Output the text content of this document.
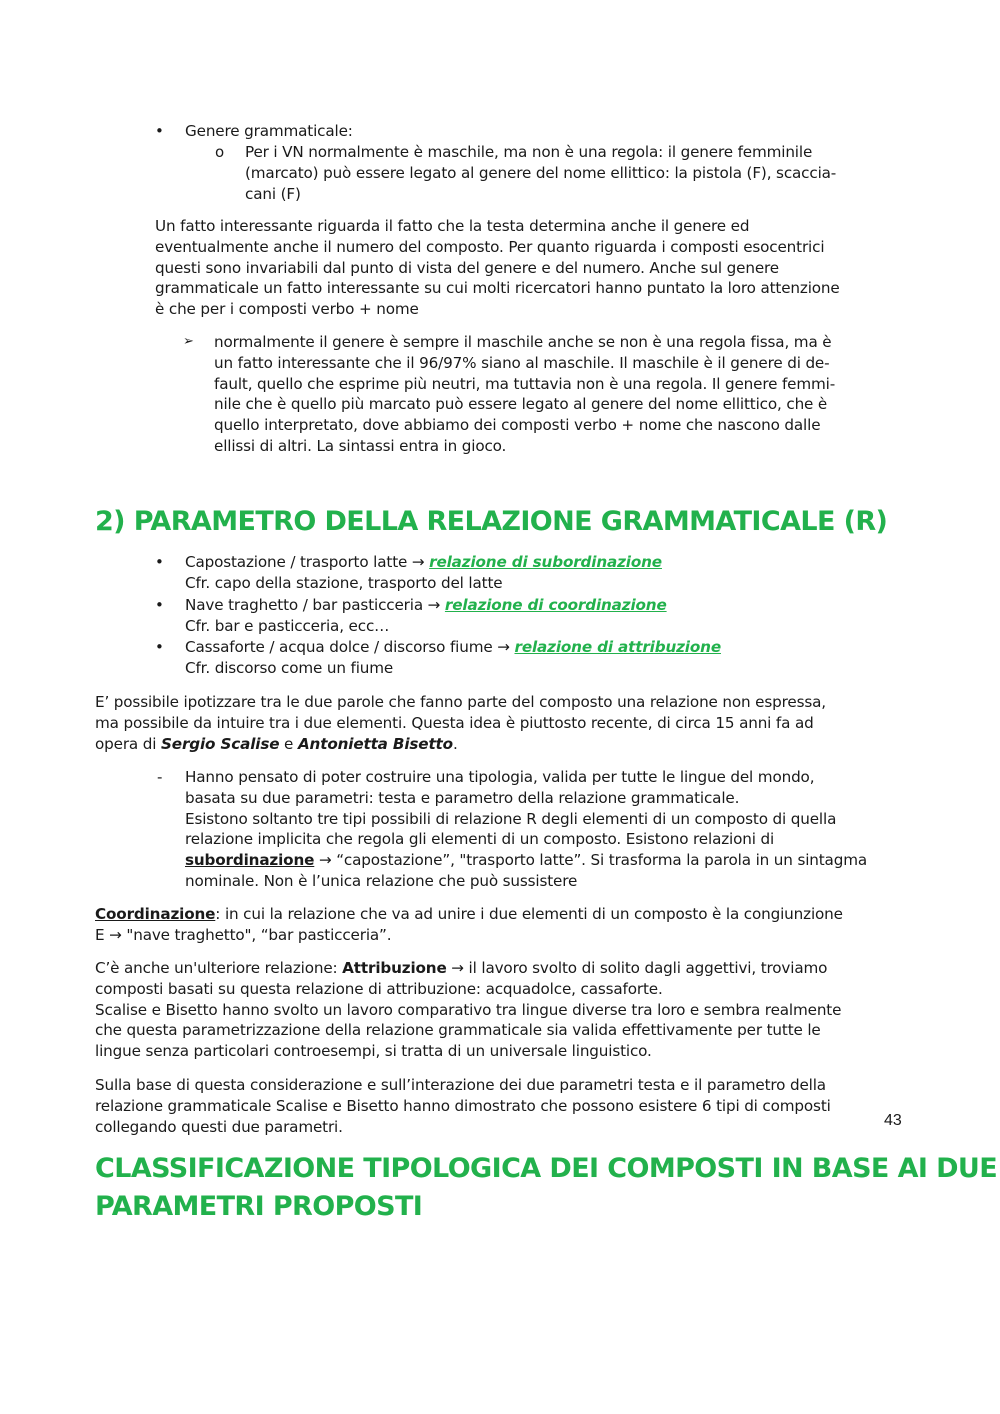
• Genere grammaticale:
o Per i VN normalmente è maschile, ma non è una regola: il genere femminile
(marcato) può essere legato al genere del nome ellittico: la pistola (F), scaccia-
cani (F)
Un fatto interessante riguarda il fatto che la testa determina anche il genere ed
eventualmente anche il numero del composto. Per quanto riguarda i composti esocentrici
questi sono invariabili dal punto di vista del genere e del numero. Anche sul genere
grammaticale un fatto interessante su cui molti ricercatori hanno puntato la loro attenzione
è che per i composti verbo + nome
➢ normalmente il genere è sempre il maschile anche se non è una regola fissa, ma è
un fatto interessante che il 96/97% siano al maschile. Il maschile è il genere di de-
fault, quello che esprime più neutri, ma tuttavia non è una regola. Il genere femmi-
nile che è quello più marcato può essere legato al genere del nome ellittico, che è
quello interpretato, dove abbiamo dei composti verbo + nome che nascono dalle
ellissi di altri. La sintassi entra in gioco.
2) PARAMETRO DELLA RELAZIONE GRAMMATICALE (R)
• Capostazione / trasporto latte → relazione di subordinazione
Cfr. capo della stazione, trasporto del latte
• Nave traghetto / bar pasticceria → relazione di coordinazione
Cfr. bar e pasticceria, ecc…
• Cassaforte / acqua dolce / discorso fiume → relazione di attribuzione
Cfr. discorso come un fiume
E’ possibile ipotizzare tra le due parole che fanno parte del composto una relazione non espressa,
ma possibile da intuire tra i due elementi. Questa idea è piuttosto recente, di circa 15 anni fa ad
opera di Sergio Scalise e Antonietta Bisetto.
- Hanno pensato di poter costruire una tipologia, valida per tutte le lingue del mondo,
basata su due parametri: testa e parametro della relazione grammaticale.
Esistono soltanto tre tipi possibili di relazione R degli elementi di un composto di quella
relazione implicita che regola gli elementi di un composto. Esistono relazioni di
subordinazione → “capostazione”, "trasporto latte”. Si trasforma la parola in un sintagma
nominale. Non è l’unica relazione che può sussistere
Coordinazione: in cui la relazione che va ad unire i due elementi di un composto è la congiunzione
E → "nave traghetto", “bar pasticceria”.
C’è anche un'ulteriore relazione: Attribuzione → il lavoro svolto di solito dagli aggettivi, troviamo
composti basati su questa relazione di attribuzione: acquadolce, cassaforte.
Scalise e Bisetto hanno svolto un lavoro comparativo tra lingue diverse tra loro e sembra realmente
che questa parametrizzazione della relazione grammaticale sia valida effettivamente per tutte le
lingue senza particolari controesempi, si tratta di un universale linguistico.
Sulla base di questa considerazione e sull’interazione dei due parametri testa e il parametro della
relazione grammaticale Scalise e Bisetto hanno dimostrato che possono esistere 6 tipi di composti
collegando questi due parametri.
CLASSIFICAZIONE TIPOLOGICA DEI COMPOSTI IN BASE AI DUE
PARAMETRI PROPOSTI
43
